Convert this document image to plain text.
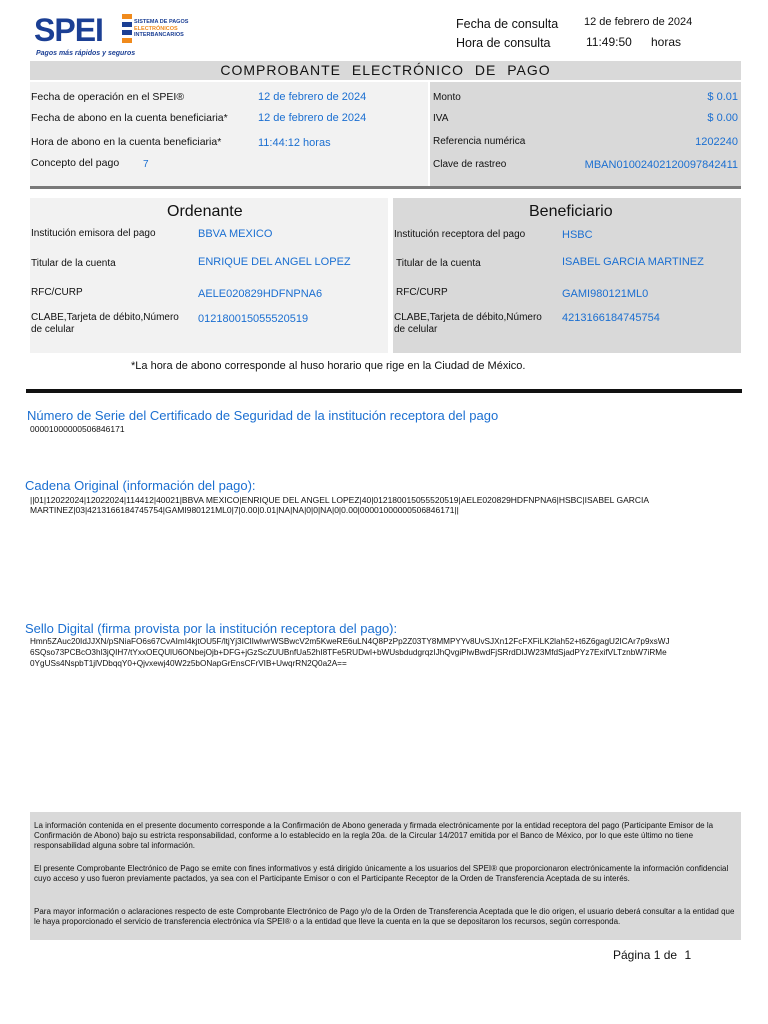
SPEI	SISTEMA DE PAGOS
ELECTRÓNICOS
INTERBANCARIOS
Pagos más rápidos y seguros
Fecha de consulta 12 de febrero de 2024
Hora de consulta	11:49:50 horas
COMPROBANTE ELECTRÓNICO DE PAGO
Fecha de operación en el SPEI®	12 de febrero de 2024
Fecha de abono en la cuenta beneficiaria*	12 de febrero de 2024
Hora de abono en la cuenta beneficiaria*	11:44:12 horas
Concepto del pago 7
Monto	$ 0.01
IVA	$ 0.00
Referencia numérica	1202240
Clave de rastreo	MBAN01002402120097842411
Ordenante
Institución emisora del pago	BBVA MEXICO
Titular de la cuenta	ENRIQUE DEL ANGEL LOPEZ
RFC/CURP	AELE020829HDFNPNA6
CLABE,Tarjeta de débito,Número
de celular
012180015055520519
Beneficiario
Institución receptora del pago	HSBC
Titular de la cuenta	ISABEL GARCIA MARTINEZ
RFC/CURP	GAMI980121ML0
CLABE,Tarjeta de débito,Número
de celular
4213166184745754
*La hora de abono corresponde al huso horario que rige en la Ciudad de México.
Número de Serie del Certificado de Seguridad de la institución receptora del pago
00001000000506846171
Cadena Original (información del pago):
||01|12022024|12022024|114412|40021|BBVA MEXICO|ENRIQUE DEL ANGEL LOPEZ|40|012180015055520519|AELE020829HDFNPNA6|HSBC|ISABEL GARCIA
MARTINEZ|03|4213166184745754|GAMI980121ML0|7|0.00|0.01|NA|NA|0|0|NA|0|0.00|00001000000506846171||
Sello Digital (firma provista por la institución receptora del pago):
Hmn5ZAuc20IdJJXN/pSNiaFO6s67CvAImI4kjtOU5F/ltjYj3IClIwIwrWSBwcV2m5KweRE6uLN4Q8PzPp2Z03TY8MMPYYv8UvSJXn12FcFXFiLK2lah52+t6Z6gagU2ICAr7p9xsWJ
6SQso73PCBcO3hl3jQIH7/tYxxOEQUlU6ONbejOjb+DFG+jGzScZUUBnfUa52hI8TFe5RUDwI+bWUsbdudgrqzIJhQvgiPlwBwdFjSRrdDlJW23MfdSjadPYz7ExifVLTznbW7iRMe
0YgUSs4NspbT1jlVDbqqY0+Qjvxewj40W2z5bONapGrEnsCFrVIB+UwqrRN2Q0a2A==

La información contenida en el presente documento corresponde a la Confirmación de Abono generada y firmada electrónicamente por la entidad receptora del pago (Participante Emisor de la Confirmación de Abono) bajo su estricta responsabilidad, conforme a lo establecido en la regla 20a. de la Circular 14/2017 emitida por el Banco de México, por lo que este último no tiene responsabilidad alguna sobre tal información.

El presente Comprobante Electrónico de Pago se emite con fines informativos y está dirigido únicamente a los usuarios del SPEI® que proporcionaron electrónicamente la información confidencial cuyo acceso y uso fueron previamente pactados, ya sea con el Participante Emisor o con el Participante Receptor de la Orden de Transferencia Aceptada de su interés.

Para mayor información o aclaraciones respecto de este Comprobante Electrónico de Pago y/o de la Orden de Transferencia Aceptada que le dio origen, el usuario deberá consultar a la entidad que le haya proporcionado el servicio de transferencia electrónica vía SPEI® o a la entidad que lleve la cuenta en la que se depositaron los recursos, según corresponda.

Página 1 de 1
